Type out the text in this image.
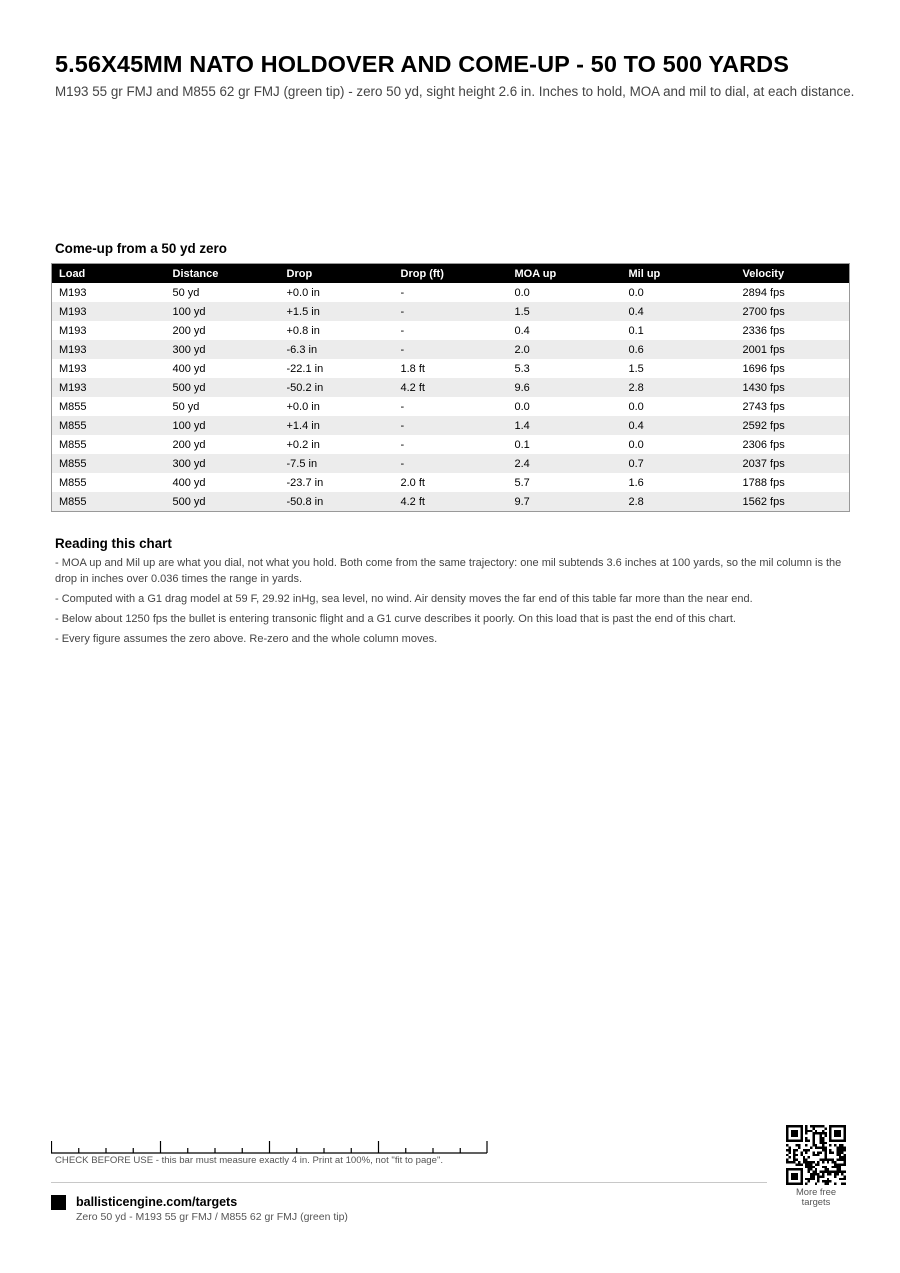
5.56X45MM NATO HOLDOVER AND COME-UP - 50 TO 500 YARDS
M193 55 gr FMJ and M855 62 gr FMJ (green tip) - zero 50 yd, sight height 2.6 in. Inches to hold, MOA and mil to dial, at each distance.
Come-up from a 50 yd zero
Load	Distance	Drop	Drop (ft)	MOA up	Mil up	Velocity
M193	50 yd	+0.0 in	-	0.0	0.0	2894 fps
M193	100 yd	+1.5 in	-	1.5	0.4	2700 fps
M193	200 yd	+0.8 in	-	0.4	0.1	2336 fps
M193	300 yd	-6.3 in	-	2.0	0.6	2001 fps
M193	400 yd	-22.1 in	1.8 ft	5.3	1.5	1696 fps
M193	500 yd	-50.2 in	4.2 ft	9.6	2.8	1430 fps
M855	50 yd	+0.0 in	-	0.0	0.0	2743 fps
M855	100 yd	+1.4 in	-	1.4	0.4	2592 fps
M855	200 yd	+0.2 in	-	0.1	0.0	2306 fps
M855	300 yd	-7.5 in	-	2.4	0.7	2037 fps
M855	400 yd	-23.7 in	2.0 ft	5.7	1.6	1788 fps
M855	500 yd	-50.8 in	4.2 ft	9.7	2.8	1562 fps
Reading this chart

- MOA up and Mil up are what you dial, not what you hold. Both come from the same trajectory: one mil subtends 3.6 inches at 100 yards, so the mil column is the drop in inches over 0.036 times the range in yards.

- Computed with a G1 drag model at 59 F, 29.92 inHg, sea level, no wind. Air density moves the far end of this table far more than the near end.

- Below about 1250 fps the bullet is entering transonic flight and a G1 curve describes it poorly. On this load that is past the end of this chart.

- Every figure assumes the zero above. Re-zero and the whole column moves.

CHECK BEFORE USE - this bar must measure exactly 4 in. Print at 100%, not "fit to page".
ballisticengine.com/targets
Zero 50 yd - M193 55 gr FMJ / M855 62 gr FMJ (green tip)
More free targets
